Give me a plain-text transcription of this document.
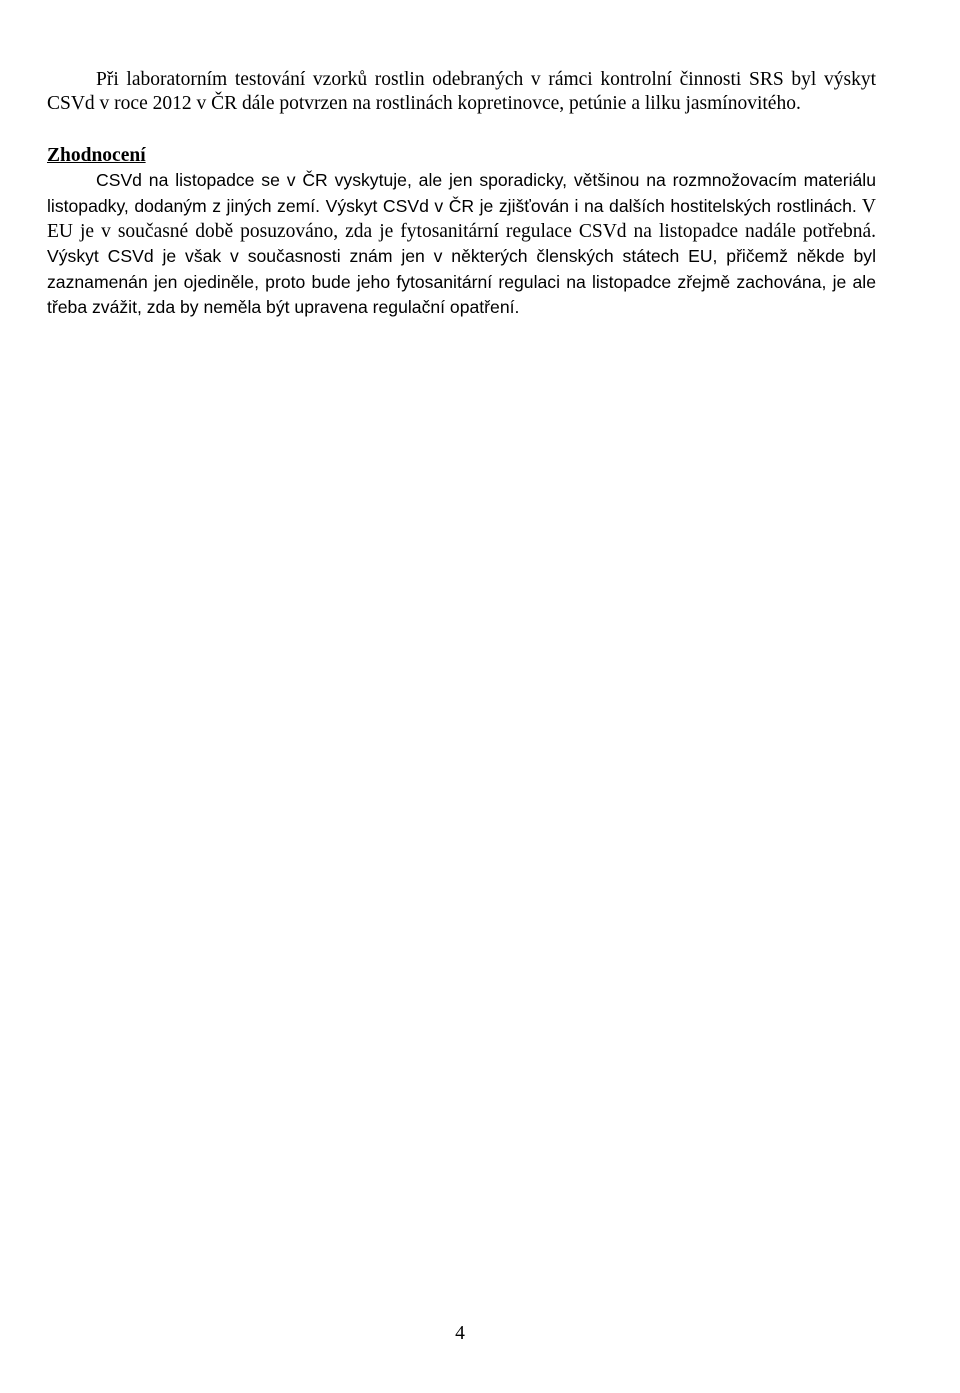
Při laboratorním testování vzorků rostlin odebraných v rámci kontrolní činnosti SRS byl výskyt CSVd v roce 2012 v ČR dále potvrzen na rostlinách kopretinovce, petúnie a lilku jasmínovitého.

Zhodnocení

CSVd na listopadce se v ČR vyskytuje, ale jen sporadicky, většinou na rozmnožovacím materiálu listopadky, dodaným z jiných zemí. Výskyt CSVd v ČR je zjišťován i na dalších hostitelských rostlinách. V EU je v současné době posuzováno, zda je fytosanitární regulace CSVd na listopadce nadále potřebná. Výskyt CSVd je však v současnosti znám jen v některých členských státech EU, přičemž někde byl zaznamenán jen ojediněle, proto bude jeho fytosanitární regulaci na listopadce zřejmě zachována, je ale třeba zvážit, zda by neměla být upravena regulační opatření.

4
